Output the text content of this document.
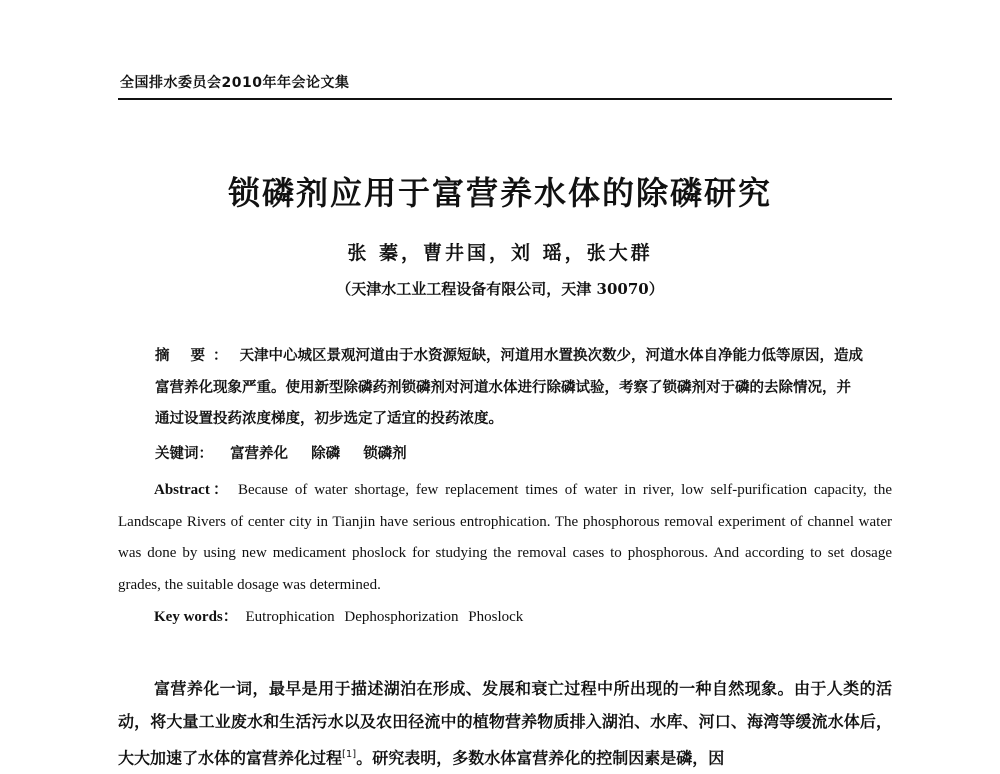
全国排水委员会2010年年会论文集
锁磷剂应用于富营养水体的除磷研究
张 蓁，曹井国，刘 瑶，张大群
（天津水工业工程设备有限公司，天津 30070）
摘 要： 天津中心城区景观河道由于水资源短缺，河道用水置换次数少，河道水体自净能力低等原因，造成富营养化现象严重。使用新型除磷药剂锁磷剂对河道水体进行除磷试验，考察了锁磷剂对于磷的去除情况，并通过设置投药浓度梯度，初步选定了适宜的投药浓度。
关键词： 富营养化 除磷 锁磷剂
Abstract： Because of water shortage, few replacement times of water in river, low self-purification capacity, the Landscape Rivers of center city in Tianjin have serious entrophication. The phosphorous removal experiment of channel water was done by using new medicament phoslock for studying the removal cases to phosphorous. And according to set dosage grades, the suitable dosage was determined.
Key words： Eutrophication Dephosphorization Phoslock
富营养化一词，最早是用于描述湖泊在形成、发展和衰亡过程中所出现的一种自然现象。由于人类的活动，将大量工业废水和生活污水以及农田径流中的植物营养物质排入湖泊、水库、河口、海湾等缓流水体后，大大加速了水体的富营养化过程[1]。研究表明，多数水体富营养化的控制因素是磷，因
